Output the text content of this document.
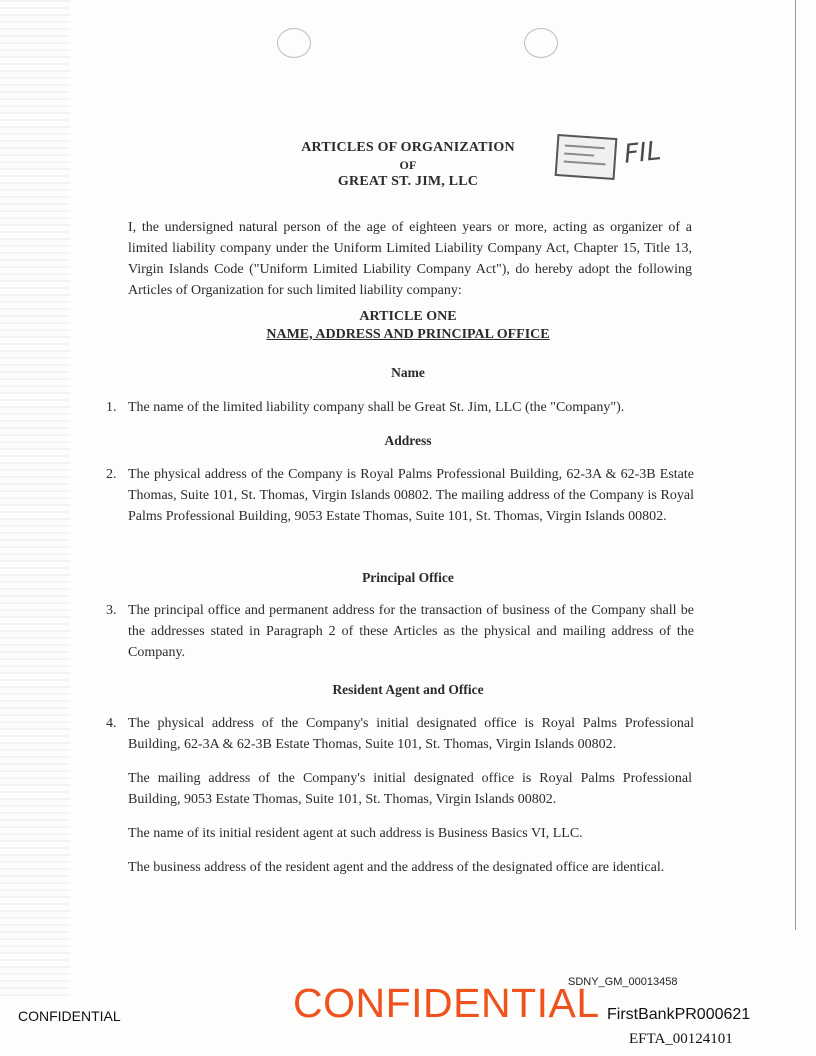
ARTICLES OF ORGANIZATION
OF
GREAT ST. JIM, LLC
FIL
I, the undersigned natural person of the age of eighteen years or more, acting as organizer of a limited liability company under the Uniform Limited Liability Company Act, Chapter 15, Title 13, Virgin Islands Code ("Uniform Limited Liability Company Act"), do hereby adopt the following Articles of Organization for such limited liability company:
ARTICLE ONE
NAME, ADDRESS AND PRINCIPAL OFFICE
Name
1. The name of the limited liability company shall be Great St. Jim, LLC (the "Company").
Address
2. The physical address of the Company is Royal Palms Professional Building, 62-3A & 62-3B Estate Thomas, Suite 101, St. Thomas, Virgin Islands 00802. The mailing address of the Company is Royal Palms Professional Building, 9053 Estate Thomas, Suite 101, St. Thomas, Virgin Islands 00802.
Principal Office
3. The principal office and permanent address for the transaction of business of the Company shall be the addresses stated in Paragraph 2 of these Articles as the physical and mailing address of the Company.
Resident Agent and Office
4. The physical address of the Company's initial designated office is Royal Palms Professional Building, 62-3A & 62-3B Estate Thomas, Suite 101, St. Thomas, Virgin Islands 00802.
The mailing address of the Company's initial designated office is Royal Palms Professional Building, 9053 Estate Thomas, Suite 101, St. Thomas, Virgin Islands 00802.
The name of its initial resident agent at such address is Business Basics VI, LLC.
The business address of the resident agent and the address of the designated office are identical.
SDNY_GM_00013458
CONFIDENTIAL	CONFIDENTIAL FirstBankPR000621
EFTA_00124101
